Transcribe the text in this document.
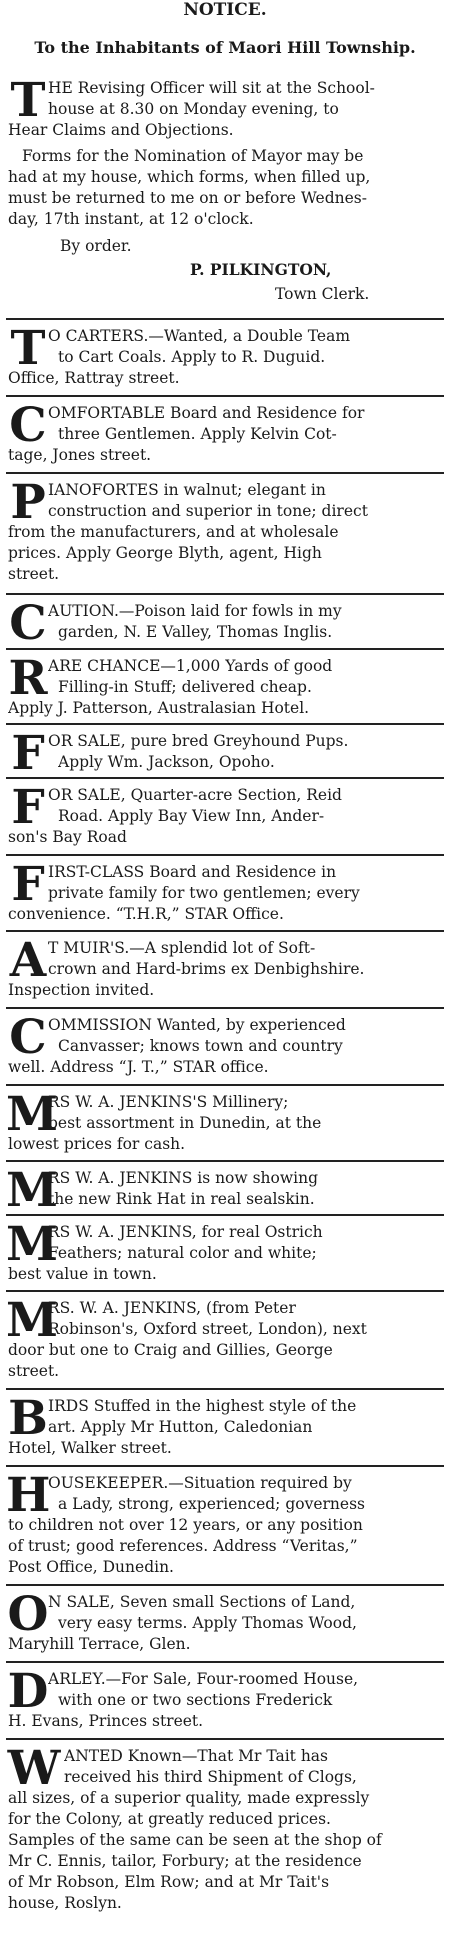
NOTICE.
To the Inhabitants of Maori Hill Township.
T HE Revising Officer will sit at the School-
house at 8.30 on Monday evening, to
Hear Claims and Objections.
Forms for the Nomination of Mayor may be
had at my house, which forms, when filled up,
must be returned to me on or before Wednes-
day, 17th instant, at 12 o'clock.
By order.
P. PILKINGTON,
Town Clerk.
T O CARTERS.—Wanted, a Double Team
to Cart Coals. Apply to R. Duguid.
Office, Rattray street.
C OMFORTABLE Board and Residence for
three Gentlemen. Apply Kelvin Cot-
tage, Jones street.
P IANOFORTES in walnut; elegant in
construction and superior in tone; direct
from the manufacturers, and at wholesale
prices. Apply George Blyth, agent, High
street.
C AUTION.—Poison laid for fowls in my
garden, N. E Valley, Thomas Inglis.
R ARE CHANCE—1,000 Yards of good
Filling-in Stuff; delivered cheap.
Apply J. Patterson, Australasian Hotel.
F OR SALE, pure bred Greyhound Pups.
Apply Wm. Jackson, Opoho.
F OR SALE, Quarter-acre Section, Reid
Road. Apply Bay View Inn, Ander-
son's Bay Road
F IRST-CLASS Board and Residence in
private family for two gentlemen; every
convenience. “T.H.R,” STAR Office.
A T MUIR'S.—A splendid lot of Soft-
crown and Hard-brims ex Denbighshire.
Inspection invited.
C OMMISSION Wanted, by experienced
Canvasser; knows town and country
well. Address “J. T.,” STAR office.
M
RS W. A. JENKINS'S Millinery;
best assortment in Dunedin, at the
lowest prices for cash.
M
RS W. A. JENKINS is now showing
the new Rink Hat in real sealskin.
M
RS W. A. JENKINS, for real Ostrich
Feathers; natural color and white;
best value in town.
M
RS. W. A. JENKINS, (from Peter
Robinson's, Oxford street, London), next
door but one to Craig and Gillies, George
street.
B IRDS Stuffed in the highest style of the
art. Apply Mr Hutton, Caledonian
Hotel, Walker street.
H
OUSEKEEPER.—Situation required by
a Lady, strong, experienced; governess
to children not over 12 years, or any position
of trust; good references. Address “Veritas,”
Post Office, Dunedin.
O N SALE, Seven small Sections of Land,
very easy terms. Apply Thomas Wood,
Maryhill Terrace, Glen.
D ARLEY.—For Sale, Four-roomed House,
with one or two sections Frederick
H. Evans, Princes street.
W ANTED Known—That Mr Tait has
received his third Shipment of Clogs,
all sizes, of a superior quality, made expressly
for the Colony, at greatly reduced prices.
Samples of the same can be seen at the shop of
Mr C. Ennis, tailor, Forbury; at the residence
of Mr Robson, Elm Row; and at Mr Tait's
house, Roslyn.
